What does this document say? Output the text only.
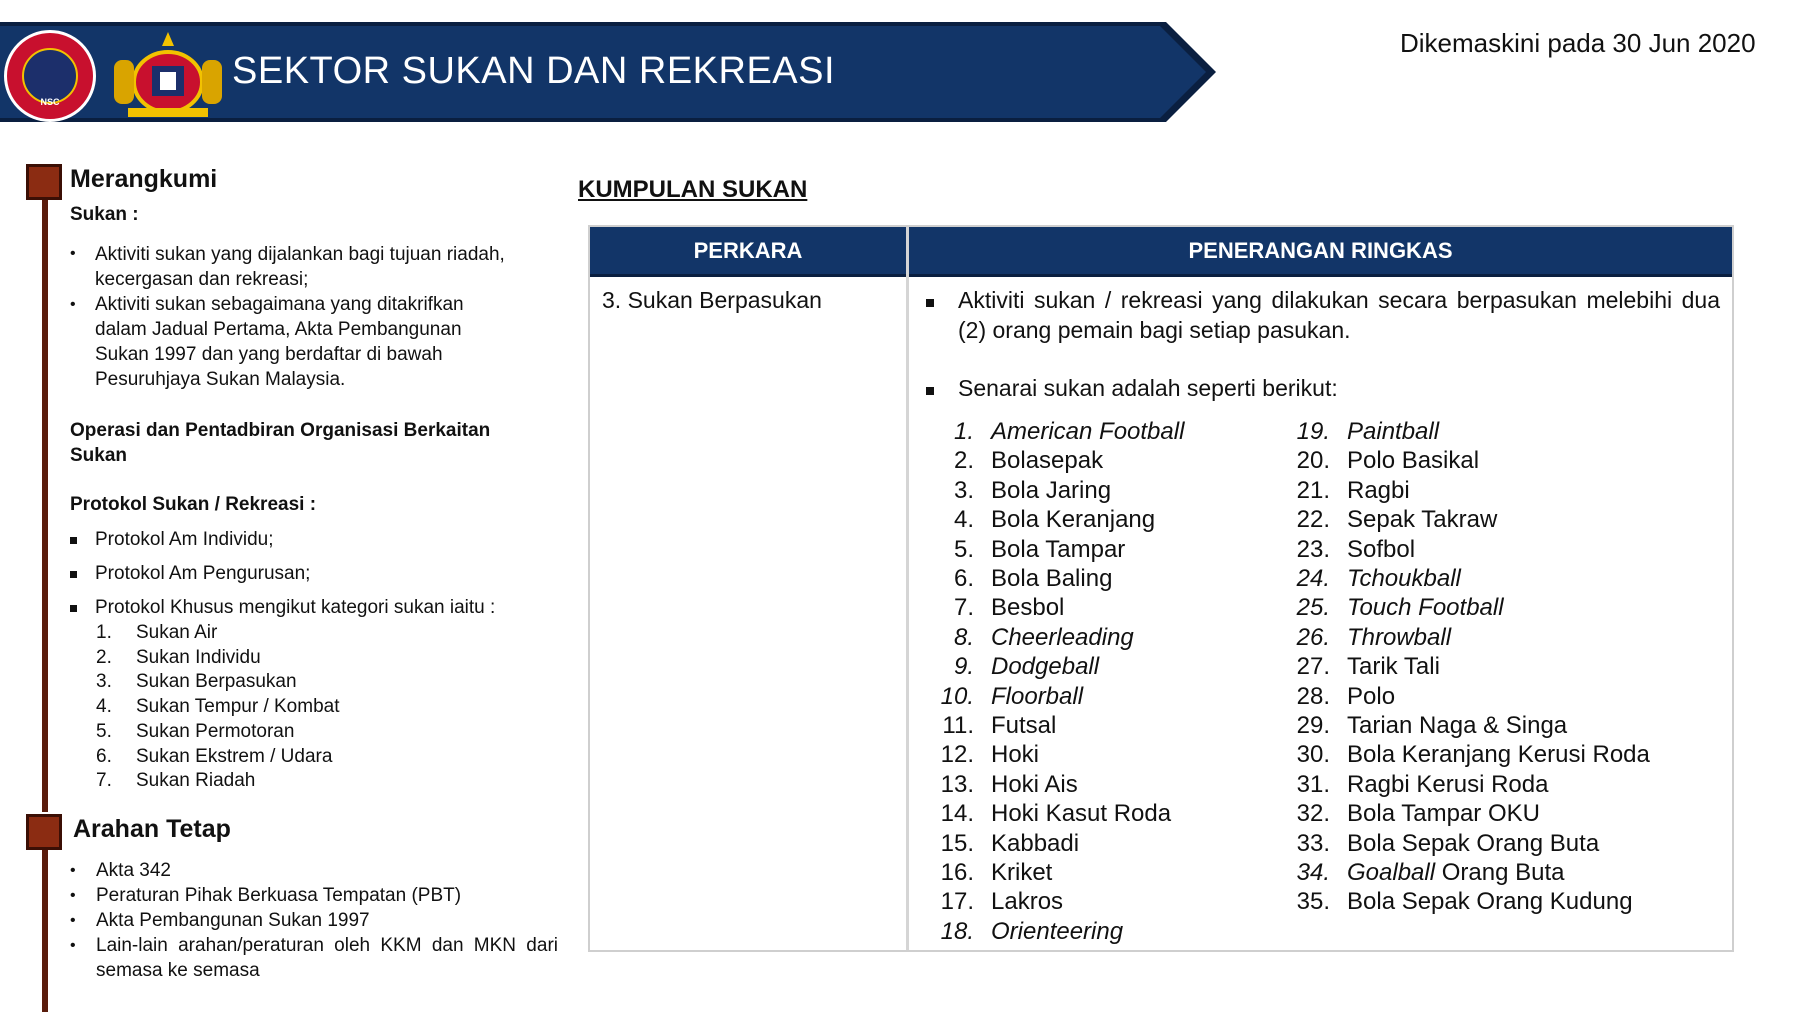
NSC
SEKTOR SUKAN DAN REKREASI
Dikemaskini pada 30 Jun 2020
Merangkumi
Sukan :
• Aktiviti sukan yang dijalankan bagi tujuan riadah, kecergasan dan rekreasi;
• Aktiviti sukan sebagaimana yang ditakrifkan dalam Jadual Pertama, Akta Pembangunan Sukan 1997 dan yang berdaftar di bawah Pesuruhjaya Sukan Malaysia.
Operasi dan Pentadbiran Organisasi Berkaitan Sukan
Protokol Sukan / Rekreasi :
Protokol Am Individu;
Protokol Am Pengurusan;
Protokol Khusus mengikut kategori sukan iaitu :
1.
2.
3.
4.
5.
6.
7.
Sukan Air
Sukan Individu
Sukan Berpasukan
Sukan Tempur / Kombat
Sukan Permotoran
Sukan Ekstrem / Udara
Sukan Riadah
Arahan Tetap
• Akta 342
• Peraturan Pihak Berkuasa Tempatan (PBT)
• Akta Pembangunan Sukan 1997
• Lain-lain arahan/peraturan oleh KKM dan MKN dari semasa ke semasa
KUMPULAN SUKAN
PERKARA	PENERANGAN RINGKAS
3. Sukan Berpasukan	Aktiviti sukan / rekreasi yang dilakukan secara berpasukan melebihi dua (2) orang pemain bagi setiap pasukan.
Senarai sukan adalah seperti berikut:
1. American Football
2. Bolasepak
3. Bola Jaring
4. Bola Keranjang
5. Bola Tampar
6. Bola Baling
7. Besbol
8. Cheerleading
9. Dodgeball
10. Floorball
11. Futsal
12. Hoki
13. Hoki Ais
14. Hoki Kasut Roda
15. Kabbadi
16. Kriket
17. Lakros
18. Orienteering
19. Paintball
20. Polo Basikal
21. Ragbi
22. Sepak Takraw
23. Sofbol
24. Tchoukball
25. Touch Football
26. Throwball
27. Tarik Tali
28. Polo
29. Tarian Naga & Singa
30. Bola Keranjang Kerusi Roda
31. Ragbi Kerusi Roda
32. Bola Tampar OKU
33. Bola Sepak Orang Buta
34. Goalball Orang Buta
35. Bola Sepak Orang Kudung
